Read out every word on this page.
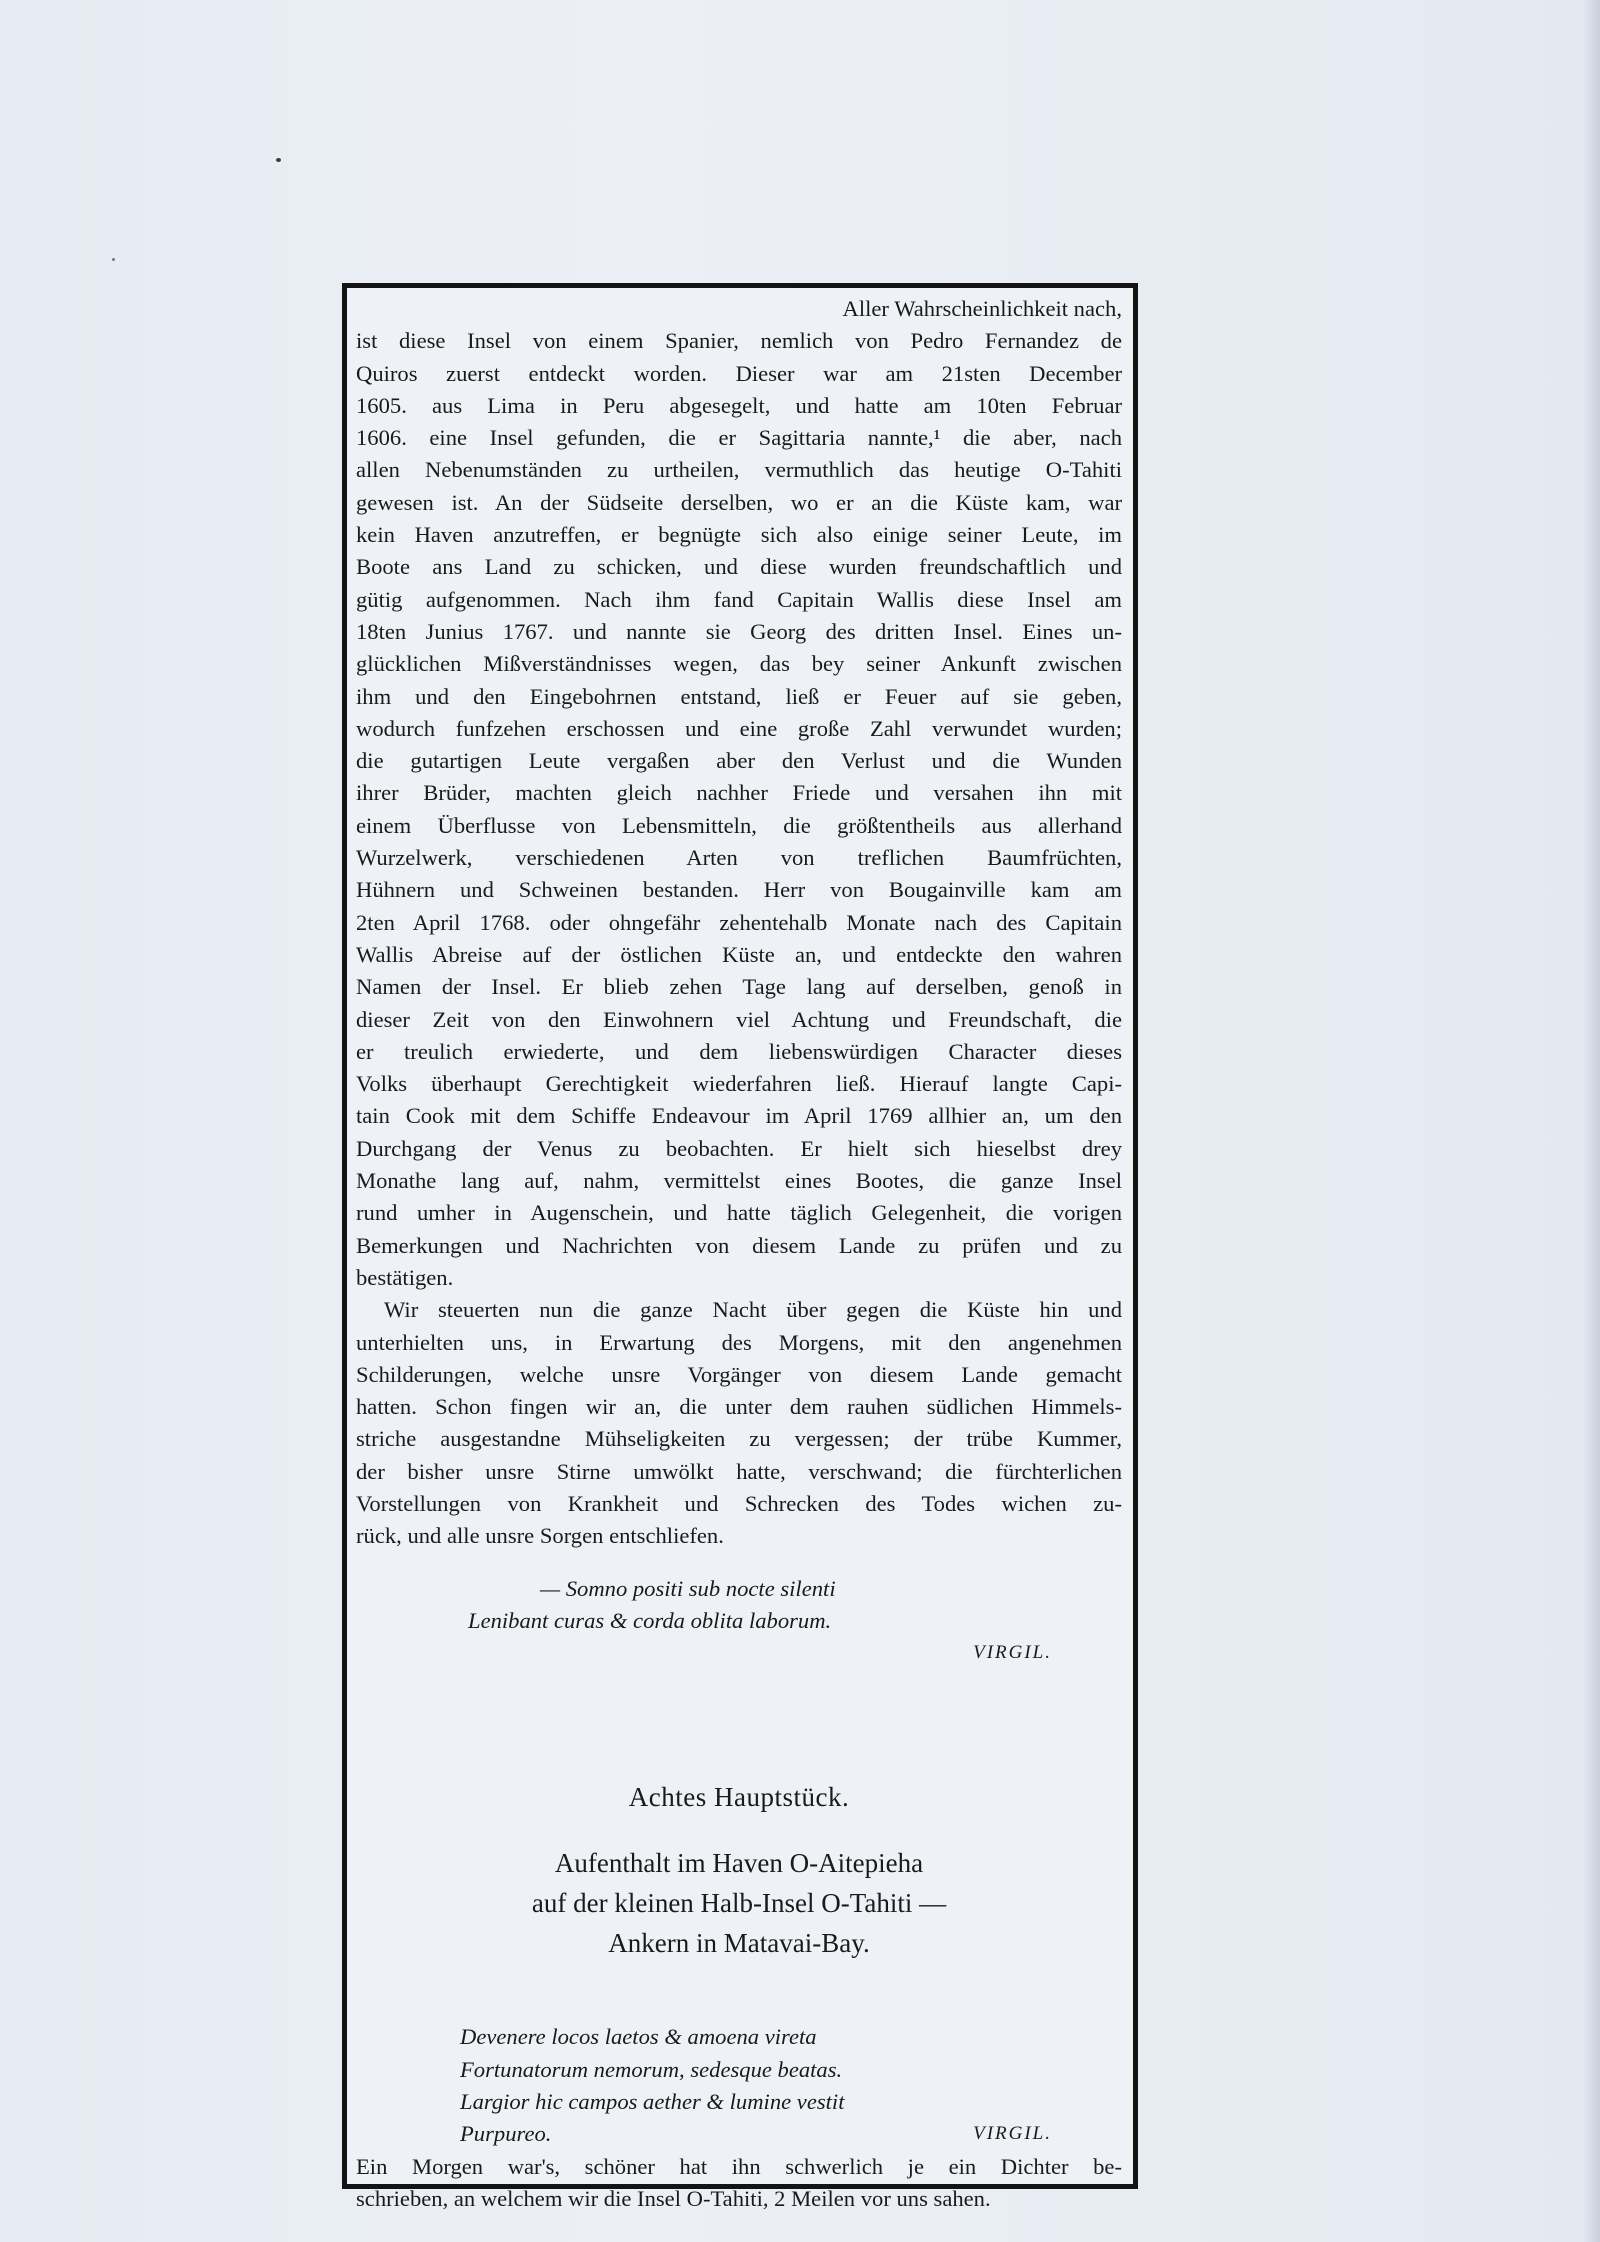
Aller Wahrscheinlichkeit nach,
ist diese Insel von einem Spanier, nemlich von Pedro Fernandez de
Quiros zuerst entdeckt worden. Dieser war am 21sten December
1605. aus Lima in Peru abgesegelt, und hatte am 10ten Februar
1606. eine Insel gefunden, die er Sagittaria nannte,¹ die aber, nach
allen Nebenumständen zu urtheilen, vermuthlich das heutige O-Tahiti
gewesen ist. An der Südseite derselben, wo er an die Küste kam, war
kein Haven anzutreffen, er begnügte sich also einige seiner Leute, im
Boote ans Land zu schicken, und diese wurden freundschaftlich und
gütig aufgenommen. Nach ihm fand Capitain Wallis diese Insel am
18ten Junius 1767. und nannte sie Georg des dritten Insel. Eines un-
glücklichen Mißverständnisses wegen, das bey seiner Ankunft zwischen
ihm und den Eingebohrnen entstand, ließ er Feuer auf sie geben,
wodurch funfzehen erschossen und eine große Zahl verwundet wurden;
die gutartigen Leute vergaßen aber den Verlust und die Wunden
ihrer Brüder, machten gleich nachher Friede und versahen ihn mit
einem Überflusse von Lebensmitteln, die größtentheils aus allerhand
Wurzelwerk, verschiedenen Arten von treflichen Baumfrüchten,
Hühnern und Schweinen bestanden. Herr von Bougainville kam am
2ten April 1768. oder ohngefähr zehentehalb Monate nach des Capitain
Wallis Abreise auf der östlichen Küste an, und entdeckte den wahren
Namen der Insel. Er blieb zehen Tage lang auf derselben, genoß in
dieser Zeit von den Einwohnern viel Achtung und Freundschaft, die
er treulich erwiederte, und dem liebenswürdigen Character dieses
Volks überhaupt Gerechtigkeit wiederfahren ließ. Hierauf langte Capi-
tain Cook mit dem Schiffe Endeavour im April 1769 allhier an, um den
Durchgang der Venus zu beobachten. Er hielt sich hieselbst drey
Monathe lang auf, nahm, vermittelst eines Bootes, die ganze Insel
rund umher in Augenschein, und hatte täglich Gelegenheit, die vorigen
Bemerkungen und Nachrichten von diesem Lande zu prüfen und zu
bestätigen.

Wir steuerten nun die ganze Nacht über gegen die Küste hin und
unterhielten uns, in Erwartung des Morgens, mit den angenehmen
Schilderungen, welche unsre Vorgänger von diesem Lande gemacht
hatten. Schon fingen wir an, die unter dem rauhen südlichen Himmels-
striche ausgestandne Mühseligkeiten zu vergessen; der trübe Kummer,
der bisher unsre Stirne umwölkt hatte, verschwand; die fürchterlichen
Vorstellungen von Krankheit und Schrecken des Todes wichen zu-
rück, und alle unsre Sorgen entschliefen.

— Somno positi sub nocte silenti
Lenibant curas & corda oblita laborum.
VIRGIL.
Achtes Hauptstück.
Aufenthalt im Haven O-Aitepieha
auf der kleinen Halb-Insel O-Tahiti —
Ankern in Matavai-Bay.
Devenere locos laetos & amoena vireta
Fortunatorum nemorum, sedesque beatas.
Largior hic campos aether & lumine vestit
Purpureo.	VIRGIL.

Ein Morgen war's, schöner hat ihn schwerlich je ein Dichter be-
schrieben, an welchem wir die Insel O-Tahiti, 2 Meilen vor uns sahen.
